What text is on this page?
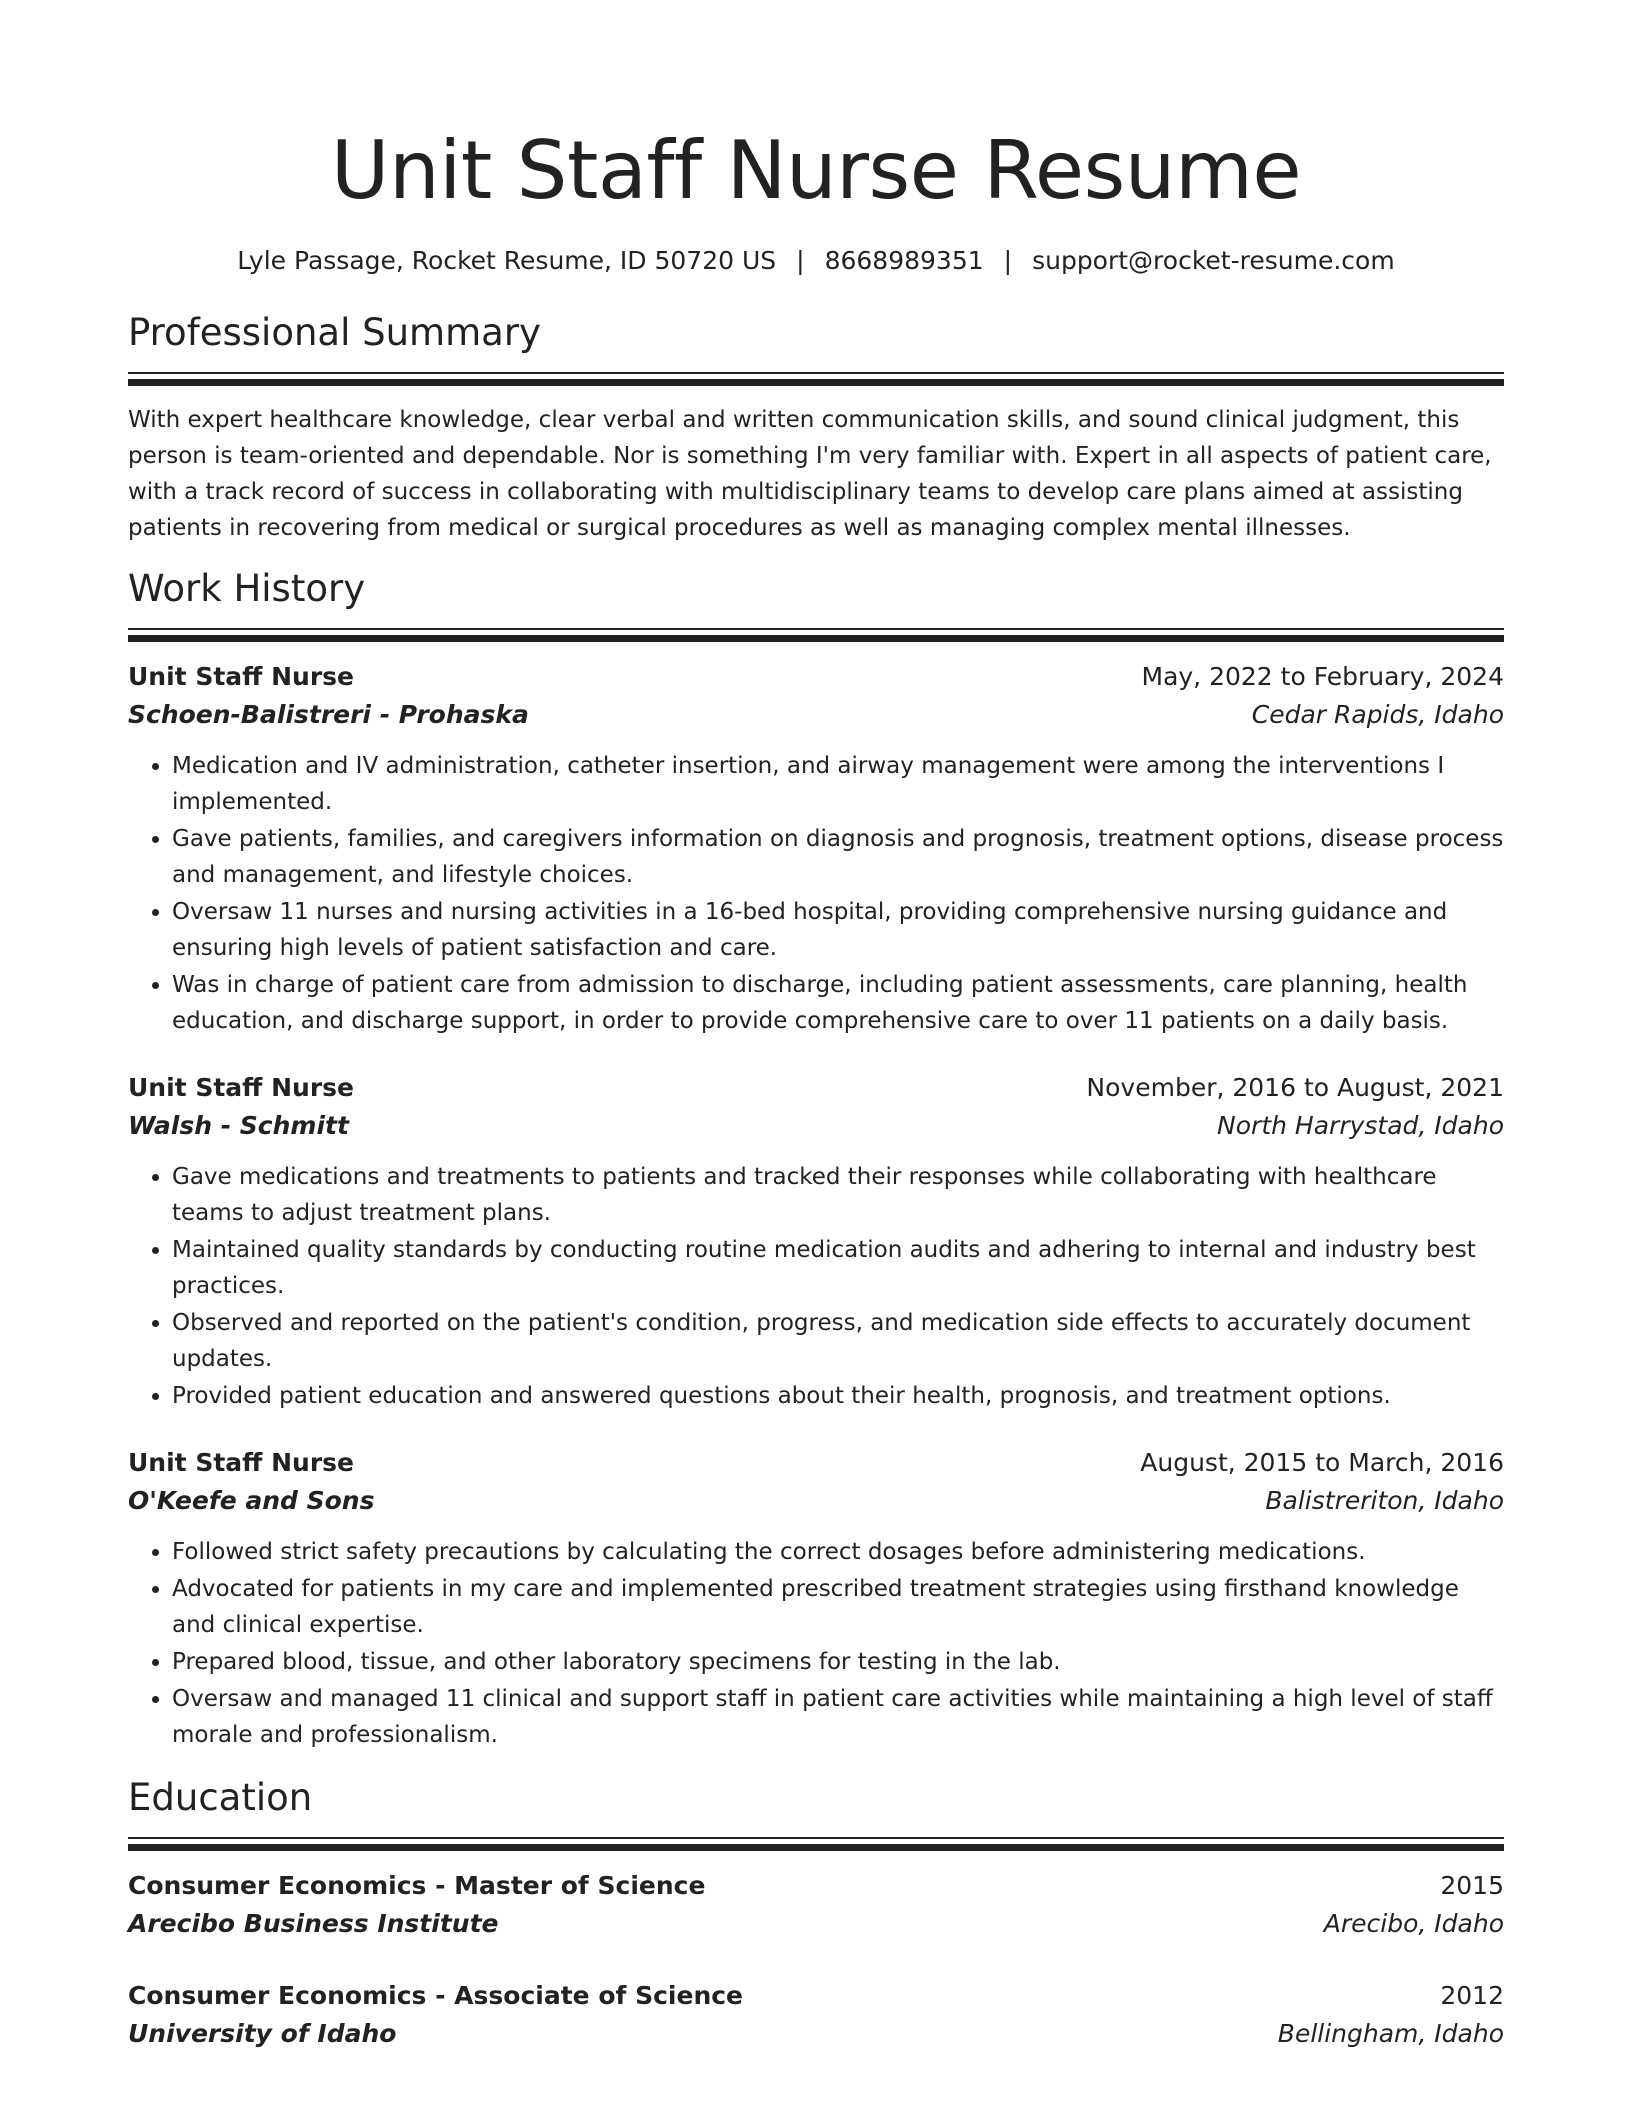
Unit Staff Nurse Resume
Lyle Passage, Rocket Resume, ID 50720 US | 8668989351 | support@rocket-resume.com
Professional Summary
With expert healthcare knowledge, clear verbal and written communication skills, and sound clinical judgment, this person is team-oriented and dependable. Nor is something I'm very familiar with. Expert in all aspects of patient care, with a track record of success in collaborating with multidisciplinary teams to develop care plans aimed at assisting patients in recovering from medical or surgical procedures as well as managing complex mental illnesses.
Work History
Unit Staff Nurse	May, 2022 to February, 2024
Schoen-Balistreri - Prohaska	Cedar Rapids, Idaho
• Medication and IV administration, catheter insertion, and airway management were among the interventions I implemented.
• Gave patients, families, and caregivers information on diagnosis and prognosis, treatment options, disease process and management, and lifestyle choices.
• Oversaw 11 nurses and nursing activities in a 16-bed hospital, providing comprehensive nursing guidance and ensuring high levels of patient satisfaction and care.
• Was in charge of patient care from admission to discharge, including patient assessments, care planning, health education, and discharge support, in order to provide comprehensive care to over 11 patients on a daily basis.
Unit Staff Nurse	November, 2016 to August, 2021
Walsh - Schmitt	North Harrystad, Idaho
• Gave medications and treatments to patients and tracked their responses while collaborating with healthcare teams to adjust treatment plans.
• Maintained quality standards by conducting routine medication audits and adhering to internal and industry best practices.
• Observed and reported on the patient's condition, progress, and medication side effects to accurately document updates.
• Provided patient education and answered questions about their health, prognosis, and treatment options.
Unit Staff Nurse	August, 2015 to March, 2016
O'Keefe and Sons	Balistreriton, Idaho
• Followed strict safety precautions by calculating the correct dosages before administering medications.
• Advocated for patients in my care and implemented prescribed treatment strategies using firsthand knowledge and clinical expertise.
• Prepared blood, tissue, and other laboratory specimens for testing in the lab.
• Oversaw and managed 11 clinical and support staff in patient care activities while maintaining a high level of staff morale and professionalism.
Education
Consumer Economics - Master of Science	2015
Arecibo Business Institute	Arecibo, Idaho
Consumer Economics - Associate of Science	2012
University of Idaho	Bellingham, Idaho
